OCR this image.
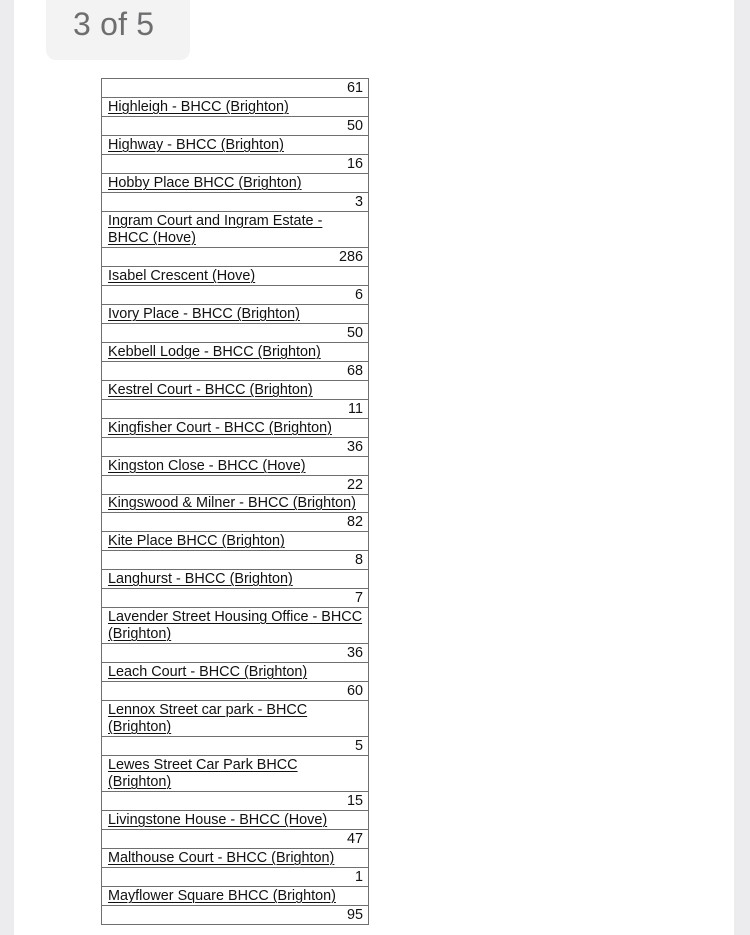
3 of 5
61
Highleigh - BHCC (Brighton)
50
Highway - BHCC (Brighton)
16
Hobby Place BHCC (Brighton)
3
Ingram Court and Ingram Estate - BHCC (Hove)
286
Isabel Crescent (Hove)
6
Ivory Place - BHCC (Brighton)
50
Kebbell Lodge - BHCC (Brighton)
68
Kestrel Court - BHCC (Brighton)
11
Kingfisher Court - BHCC (Brighton)
36
Kingston Close - BHCC (Hove)
22
Kingswood & Milner - BHCC (Brighton)
82
Kite Place BHCC (Brighton)
8
Langhurst - BHCC (Brighton)
7
Lavender Street Housing Office - BHCC (Brighton)
36
Leach Court - BHCC (Brighton)
60
Lennox Street car park - BHCC (Brighton)
5
Lewes Street Car Park BHCC (Brighton)
15
Livingstone House - BHCC (Hove)
47
Malthouse Court - BHCC (Brighton)
1
Mayflower Square BHCC (Brighton)
95
